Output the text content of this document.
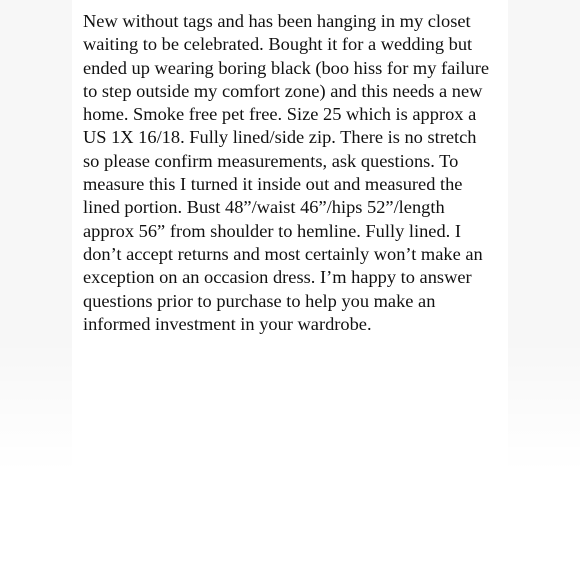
New without tags and has been hanging in my closet
waiting to be celebrated. Bought it for a wedding but
ended up wearing boring black (boo hiss for my failure
to step outside my comfort zone) and this needs a new
home. Smoke free pet free. Size 25 which is approx a
US 1X 16/18. Fully lined/side zip. There is no stretch
so please confirm measurements, ask questions. To
measure this I turned it inside out and measured the
lined portion. Bust 48”/waist 46”/hips 52”/length
approx 56” from shoulder to hemline. Fully lined. I
don’t accept returns and most certainly won’t make an
exception on an occasion dress. I’m happy to answer
questions prior to purchase to help you make an
informed investment in your wardrobe.
